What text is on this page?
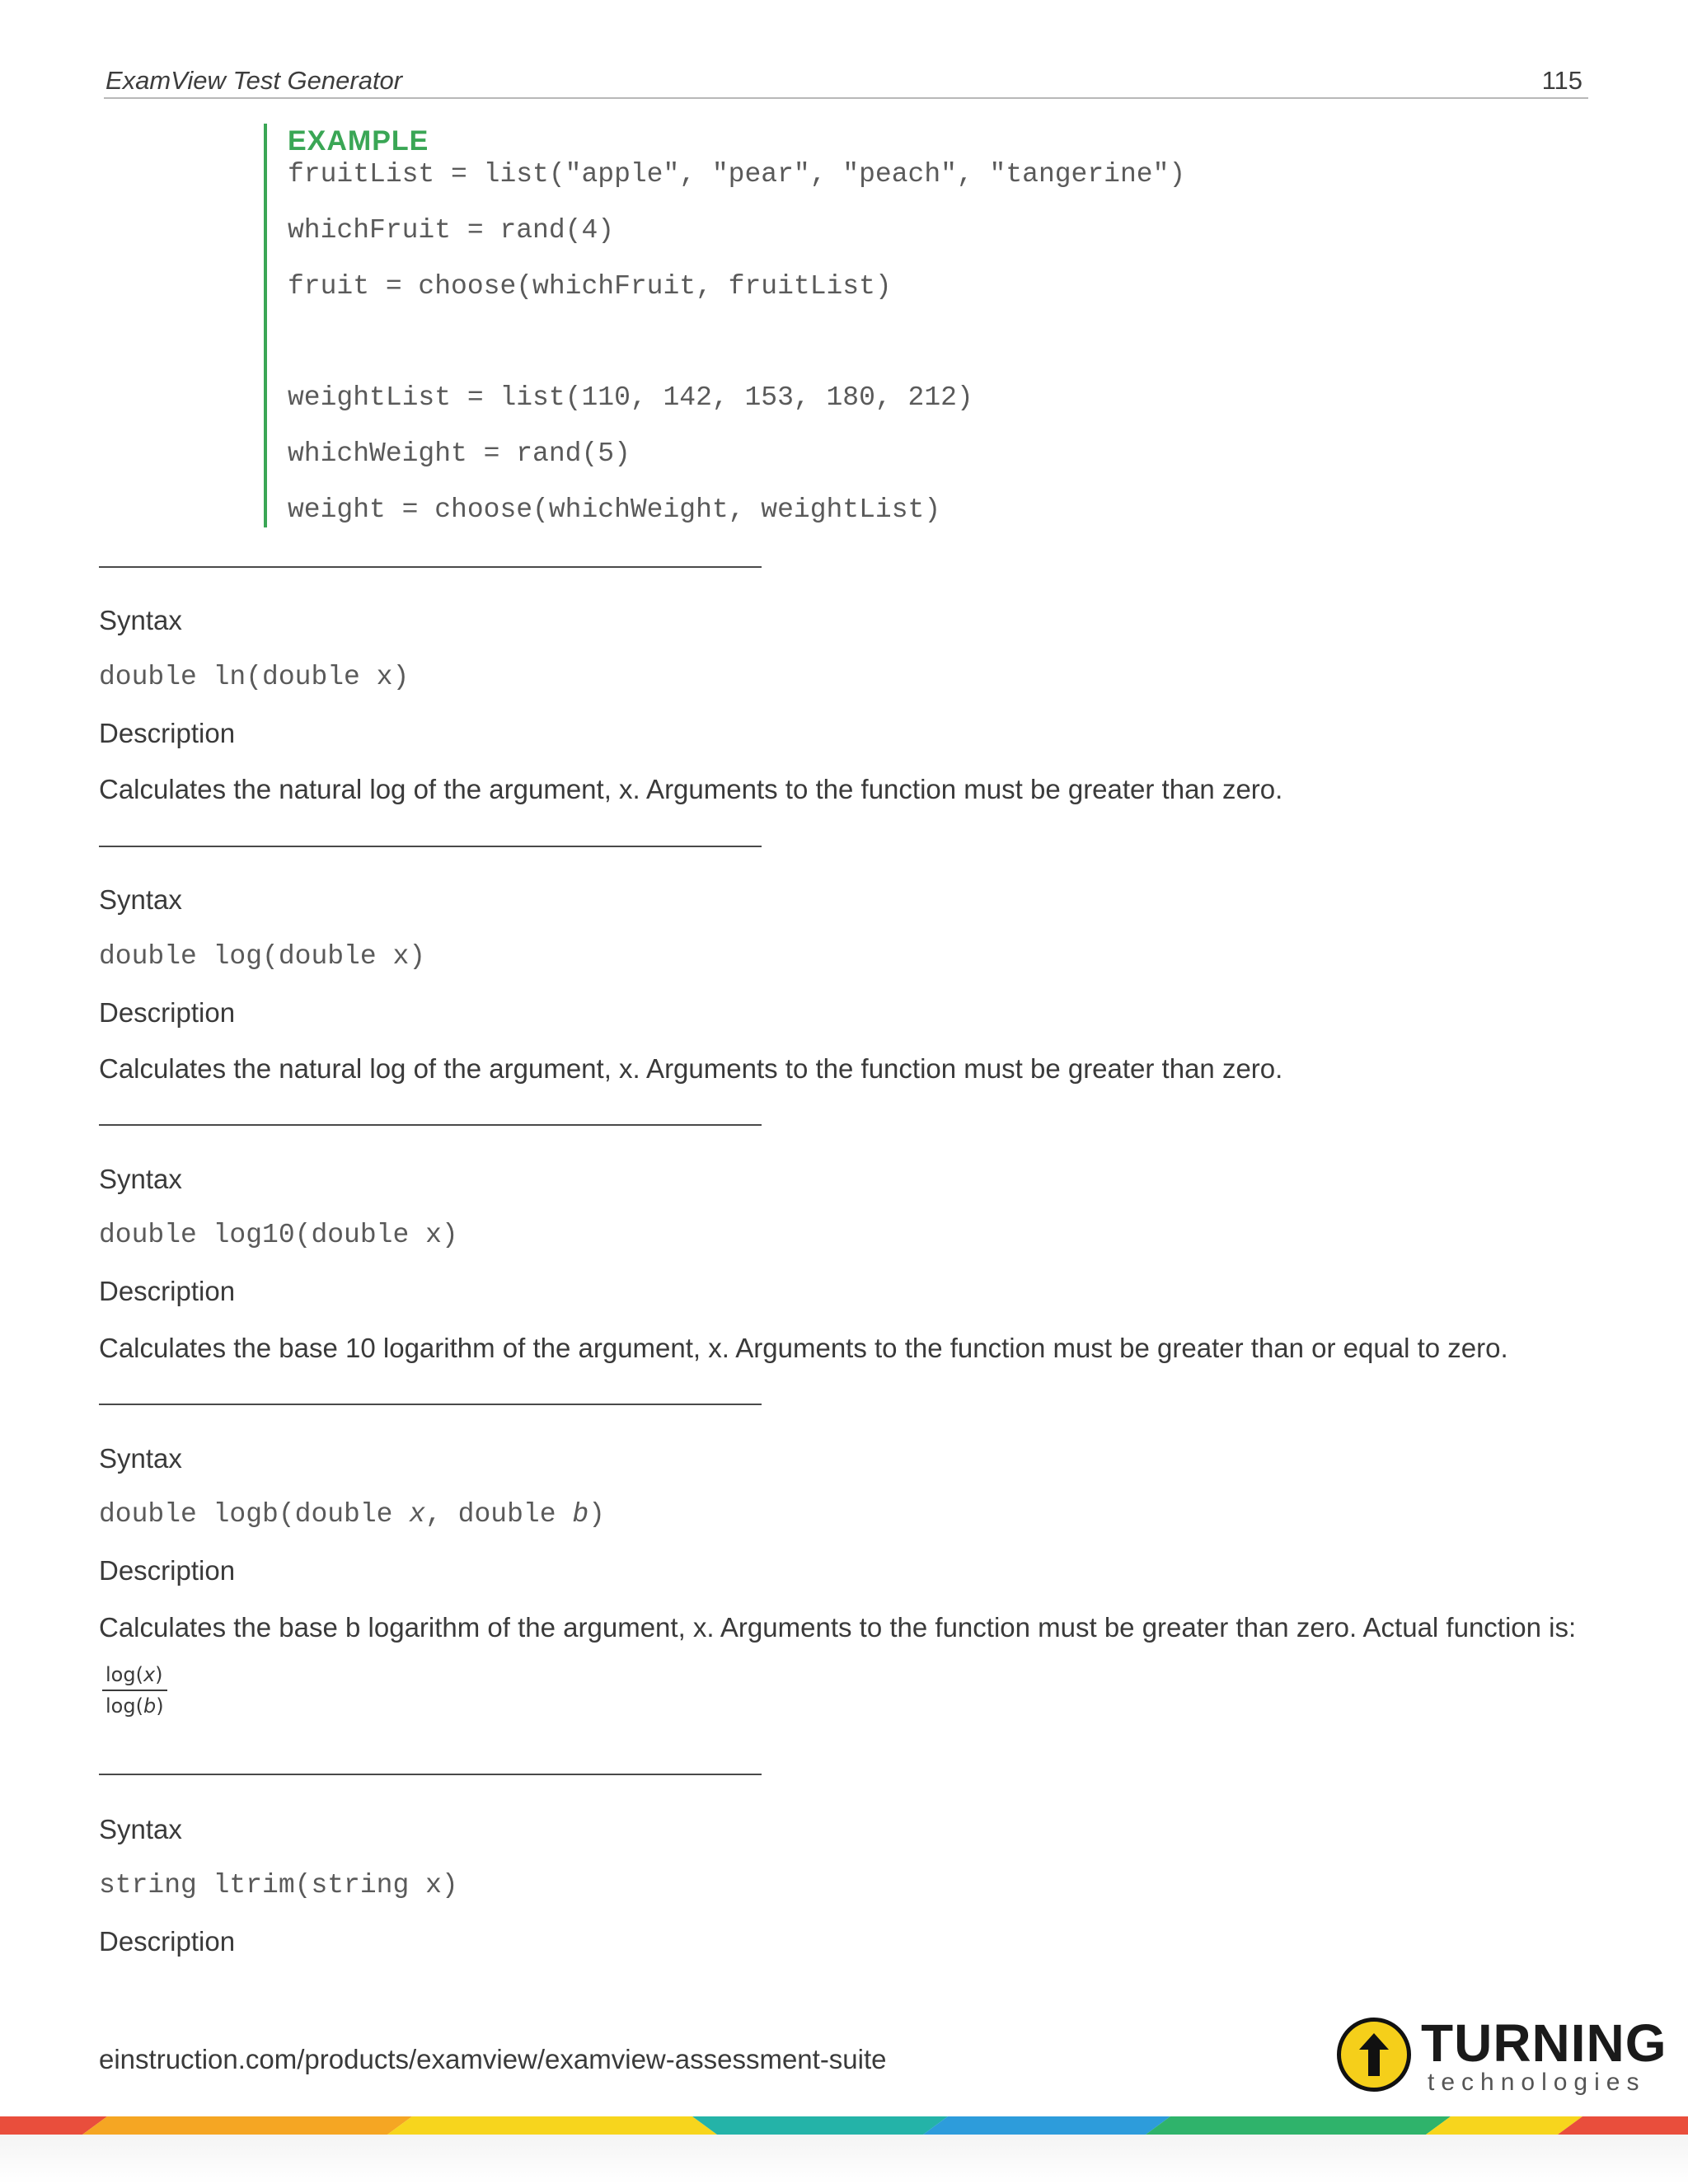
ExamView Test Generator	115
EXAMPLE
fruitList = list("apple", "pear", "peach", "tangerine")
whichFruit = rand(4)
fruit = choose(whichFruit, fruitList)
weightList = list(110, 142, 153, 180, 212)
whichWeight = rand(5)
weight = choose(whichWeight, weightList)
Syntax
double ln(double x)
Description
Calculates the natural log of the argument, x. Arguments to the function must be greater than zero.
Syntax
double log(double x)
Description
Calculates the natural log of the argument, x. Arguments to the function must be greater than zero.
Syntax
double log10(double x)
Description
Calculates the base 10 logarithm of the argument, x. Arguments to the function must be greater than or equal to zero.
Syntax
double logb(double x, double b)
Description
Calculates the base b logarithm of the argument, x. Arguments to the function must be greater than zero. Actual function is:
log(x)
log(b)
Syntax
string ltrim(string x)
Description
einstruction.com/products/examview/examview-assessment-suite	TURNING
technologies
